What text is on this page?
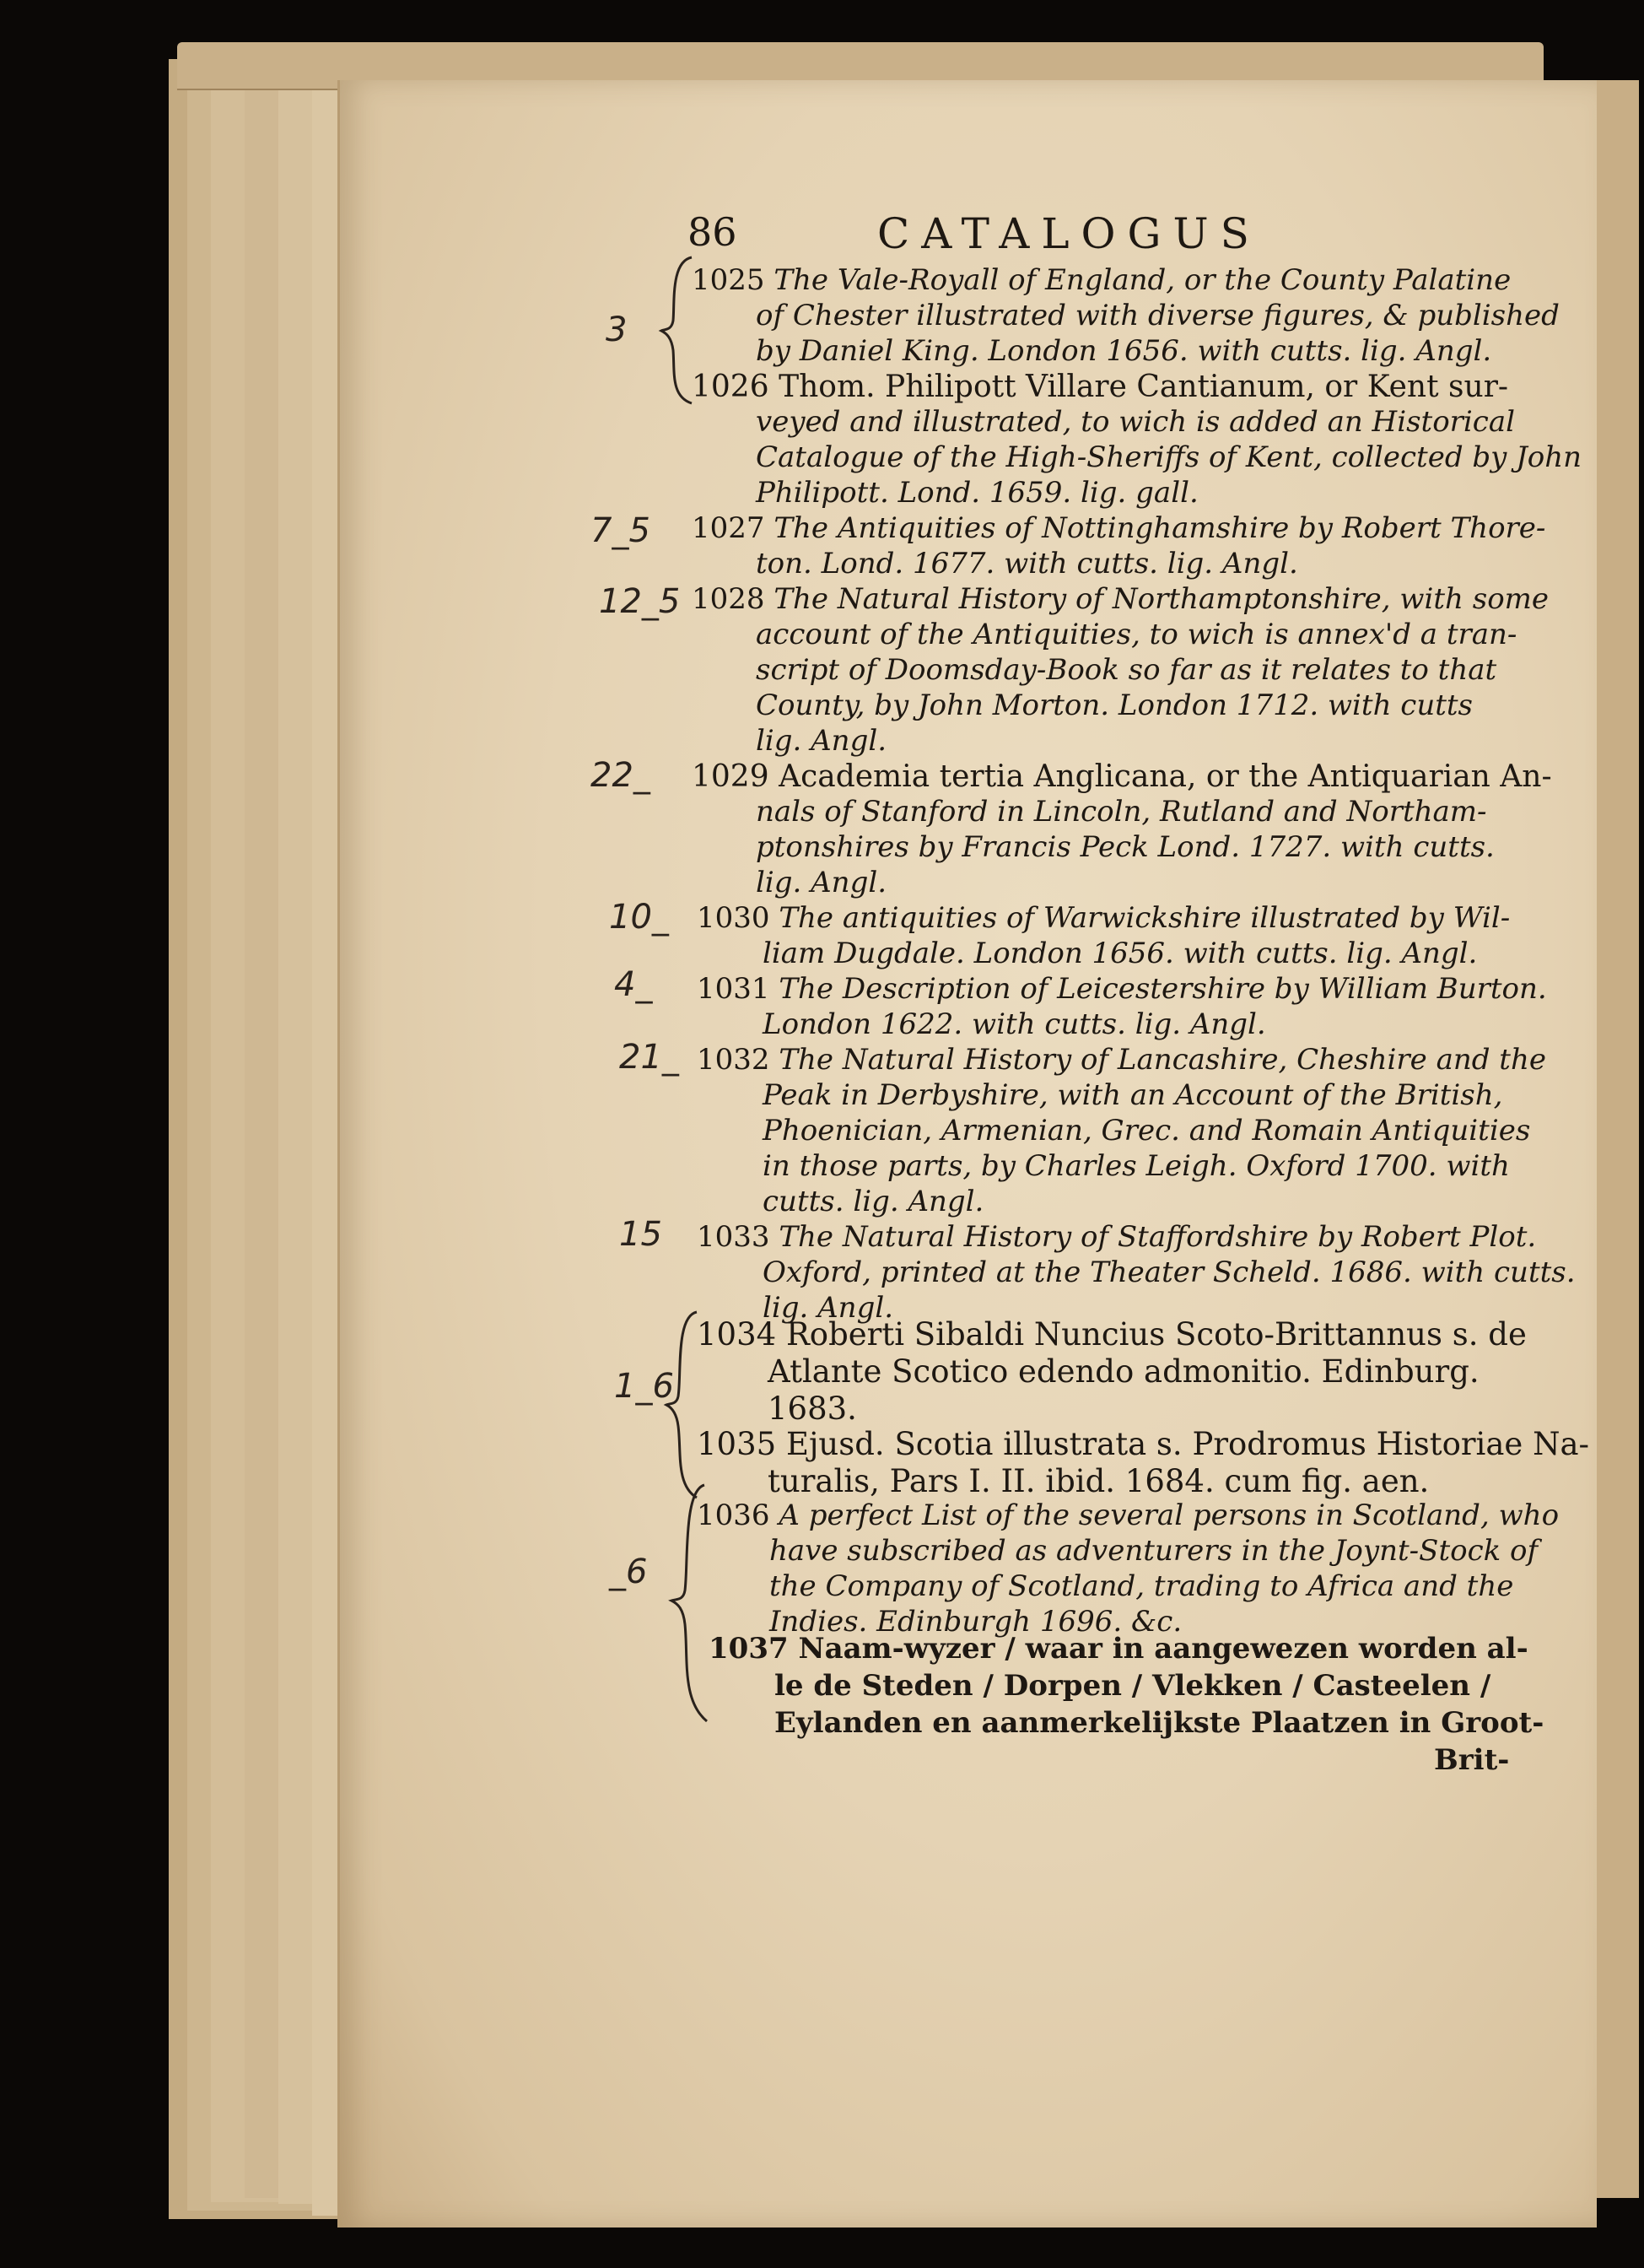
86	CATALOGUS
1025 The Vale-Royall of England, or the County Palatine
of Chester illustrated with diverse figures, & published
by Daniel King. London 1656. with cutts. lig. Angl.
1026 Thom. Philipott Villare Cantianum, or Kent sur-
veyed and illustrated, to wich is added an Historical
Catalogue of the High-Sheriffs of Kent, collected by John
Philipott. Lond. 1659. lig. gall.
1027 The Antiquities of Nottinghamshire by Robert Thore-
ton. Lond. 1677. with cutts. lig. Angl.
1028 The Natural History of Northamptonshire, with some
account of the Antiquities, to wich is annex'd a tran-
script of Doomsday-Book so far as it relates to that
County, by John Morton. London 1712. with cutts
lig. Angl.
1029 Academia tertia Anglicana, or the Antiquarian An-
nals of Stanford in Lincoln, Rutland and Northam-
ptonshires by Francis Peck Lond. 1727. with cutts.
lig. Angl.
1030 The antiquities of Warwickshire illustrated by Wil-
liam Dugdale. London 1656. with cutts. lig. Angl.
1031 The Description of Leicestershire by William Burton.
London 1622. with cutts. lig. Angl.
1032 The Natural History of Lancashire, Cheshire and the
Peak in Derbyshire, with an Account of the British,
Phoenician, Armenian, Grec. and Romain Antiquities
in those parts, by Charles Leigh. Oxford 1700. with
cutts. lig. Angl.
1033 The Natural History of Staffordshire by Robert Plot.
Oxford, printed at the Theater Scheld. 1686. with cutts.
lig. Angl.
1034 Roberti Sibaldi Nuncius Scoto-Brittannus s. de
Atlante Scotico edendo admonitio. Edinburg.
1683.
1035 Ejusd. Scotia illustrata s. Prodromus Historiae Na-
turalis, Pars I. II. ibid. 1684. cum fig. aen.
1036 A perfect List of the several persons in Scotland, who
have subscribed as adventurers in the Joynt-Stock of
the Company of Scotland, trading to Africa and the
Indies. Edinburgh 1696. &c.
1037 Naam-wyzer / waar in aangewezen worden al-
le de Steden / Dorpen / Vlekken / Casteelen /
Eylanden en aanmerkelijkste Plaatzen in Groot-
Brit-
3
7_5
12_5
22_
10_
4_
21_
15
1_6
_6
